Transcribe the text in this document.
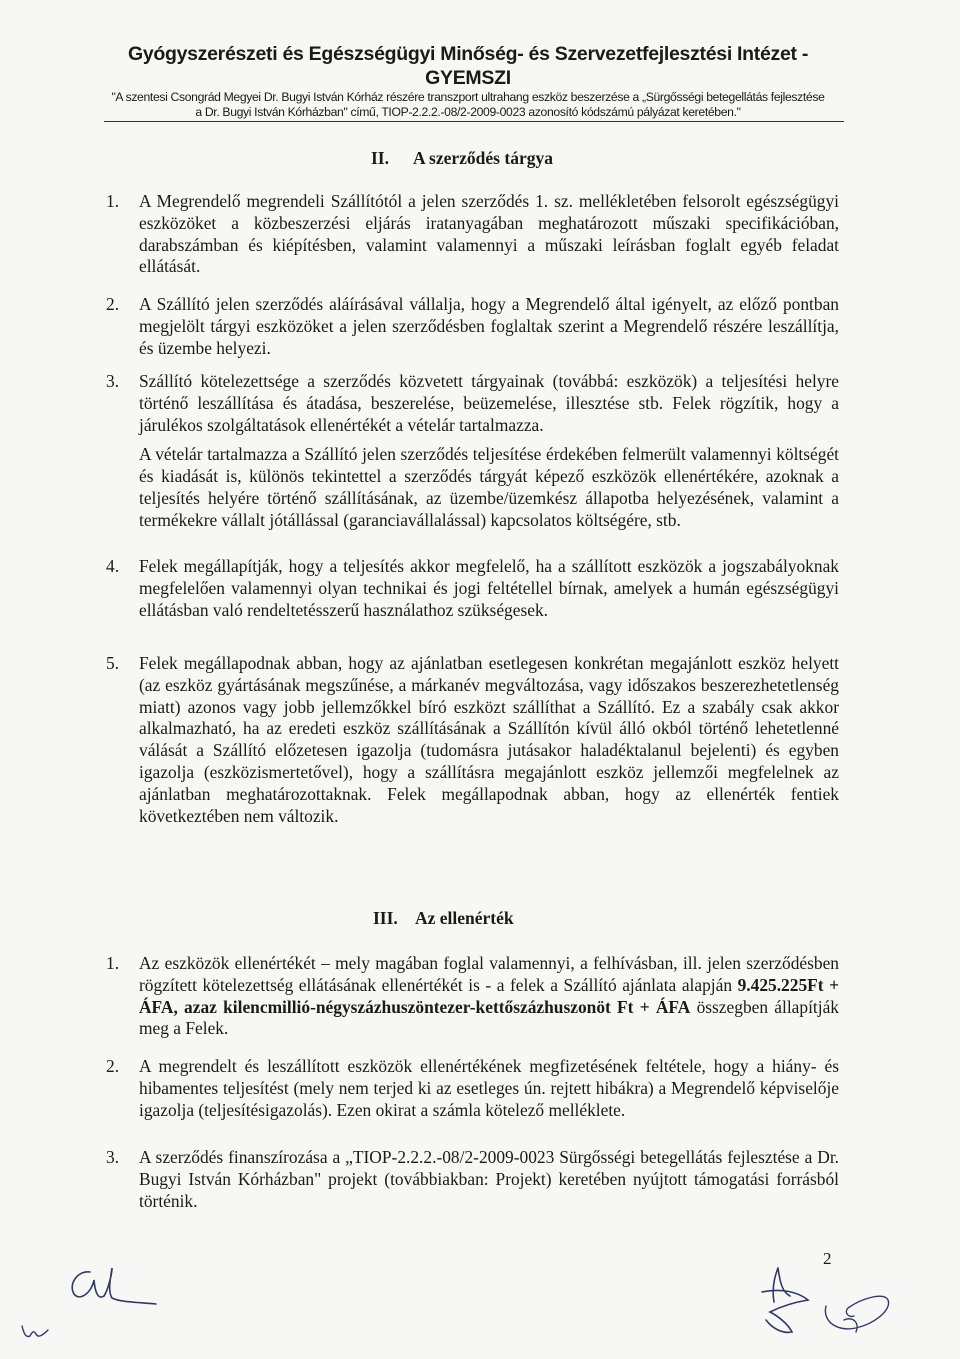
Gyógyszerészeti és Egészségügyi Minőség- és Szervezetfejlesztési Intézet - GYEMSZI
"A szentesi Csongrád Megyei Dr. Bugyi István Kórház részére transzport ultrahang eszköz beszerzése a „Sürgősségi betegellátás fejlesztése
a Dr. Bugyi István Kórházban" című, TIOP-2.2.2.-08/2-2009-0023 azonosító kódszámú pályázat keretében."
II. A szerződés tárgya
1.	A Megrendelő megrendeli Szállítótól a jelen szerződés 1. sz. mellékletében felsorolt egészségügyi eszközöket a közbeszerzési eljárás iratanyagában meghatározott műszaki specifikációban, darabszámban és kiépítésben, valamint valamennyi a műszaki leírásban foglalt egyéb feladat ellátását.

2.	A Szállító jelen szerződés aláírásával vállalja, hogy a Megrendelő által igényelt, az előző pontban megjelölt tárgyi eszközöket a jelen szerződésben foglaltak szerint a Megrendelő részére leszállítja, és üzembe helyezi.

3.	Szállító kötelezettsége a szerződés közvetett tárgyainak (továbbá: eszközök) a teljesítési helyre történő leszállítása és átadása, beszerelése, beüzemelése, illesztése stb. Felek rögzítik, hogy a járulékos szolgáltatások ellenértékét a vételár tartalmazza.

A vételár tartalmazza a Szállító jelen szerződés teljesítése érdekében felmerült valamennyi költségét és kiadását is, különös tekintettel a szerződés tárgyát képező eszközök ellenértékére, azoknak a teljesítés helyére történő szállításának, az üzembe/üzemkész állapotba helyezésének, valamint a termékekre vállalt jótállással (garanciavállalással) kapcsolatos költségére, stb.

4.	Felek megállapítják, hogy a teljesítés akkor megfelelő, ha a szállított eszközök a jogszabályoknak megfelelően valamennyi olyan technikai és jogi feltétellel bírnak, amelyek a humán egészségügyi ellátásban való rendeltetésszerű használathoz szükségesek.

5.	Felek megállapodnak abban, hogy az ajánlatban esetlegesen konkrétan megajánlott eszköz helyett (az eszköz gyártásának megszűnése, a márkanév megváltozása, vagy időszakos beszerezhetetlenség miatt) azonos vagy jobb jellemzőkkel bíró eszközt szállíthat a Szállító. Ez a szabály csak akkor alkalmazható, ha az eredeti eszköz szállításának a Szállítón kívül álló okból történő lehetetlenné válását a Szállító előzetesen igazolja (tudomásra jutásakor haladéktalanul bejelenti) és egyben igazolja (eszközismertetővel), hogy a szállításra megajánlott eszköz jellemzői megfelelnek az ajánlatban meghatározottaknak. Felek megállapodnak abban, hogy az ellenérték fentiek következtében nem változik.

III. Az ellenérték
1.	Az eszközök ellenértékét – mely magában foglal valamennyi, a felhívásban, ill. jelen szerződésben rögzített kötelezettség ellátásának ellenértékét is - a felek a Szállító ajánlata alapján 9.425.225Ft + ÁFA, azaz kilencmillió-négyszázhuszöntezer-kettőszázhuszonöt Ft + ÁFA összegben állapítják meg a Felek.

2.	A megrendelt és leszállított eszközök ellenértékének megfizetésének feltétele, hogy a hiány- és hibamentes teljesítést (mely nem terjed ki az esetleges ún. rejtett hibákra) a Megrendelő képviselője igazolja (teljesítésigazolás). Ezen okirat a számla kötelező melléklete.

3.	A szerződés finanszírozása a „TIOP-2.2.2.-08/2-2009-0023 Sürgősségi betegellátás fejlesztése a Dr. Bugyi István Kórházban" projekt (továbbiakban: Projekt) keretében nyújtott támogatási forrásból történik.

2
